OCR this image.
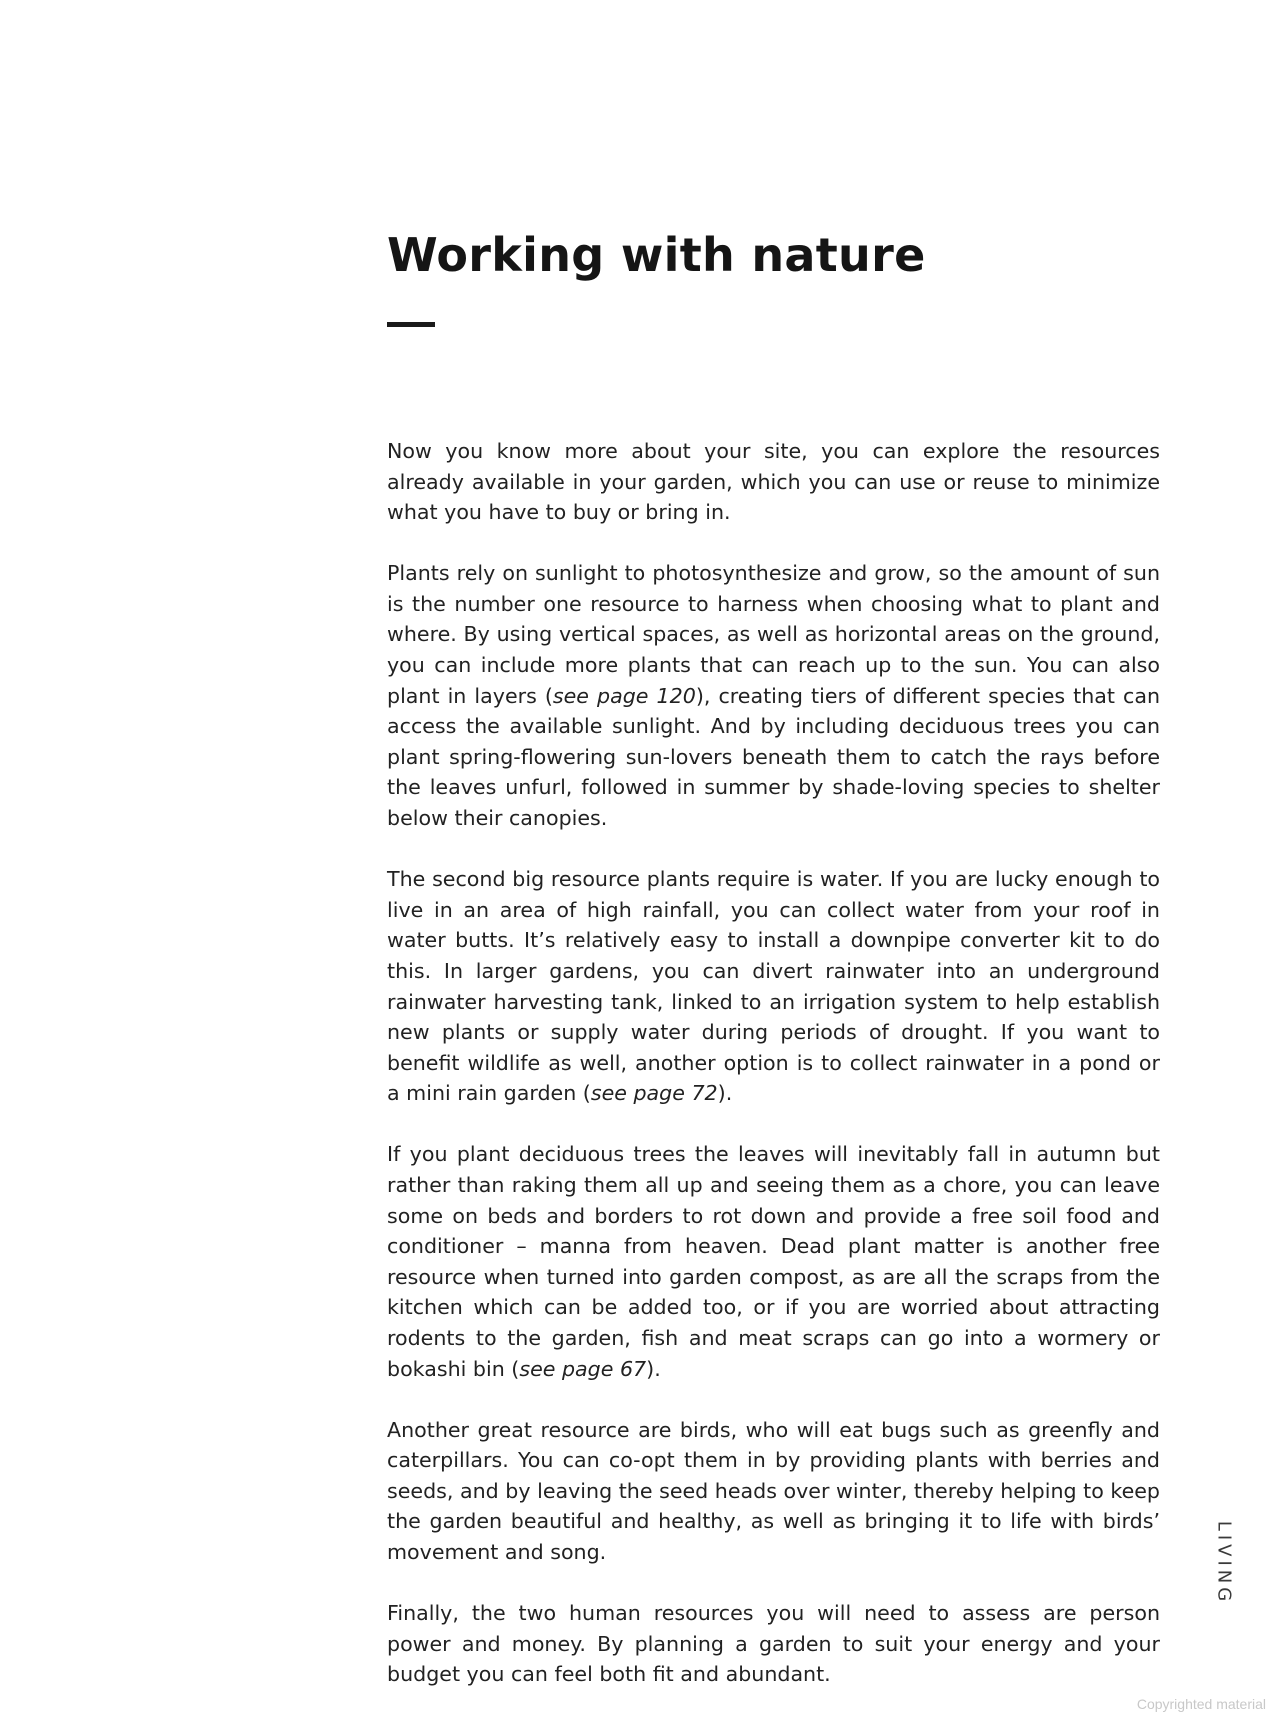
Working with nature

Now you know more about your site, you can explore the resources already available in your garden, which you can use or reuse to minimize what you have to buy or bring in.

Plants rely on sunlight to photosynthesize and grow, so the amount of sun is the number one resource to harness when choosing what to plant and where. By using vertical spaces, as well as horizontal areas on the ground, you can include more plants that can reach up to the sun. You can also plant in layers (see page 120), creating tiers of different species that can access the available sunlight. And by including deciduous trees you can plant spring-flowering sun-lovers beneath them to catch the rays before the leaves unfurl, followed in summer by shade-loving species to shelter below their canopies.

The second big resource plants require is water. If you are lucky enough to live in an area of high rainfall, you can collect water from your roof in water butts. It’s relatively easy to install a downpipe converter kit to do this. In larger gardens, you can divert rainwater into an underground rainwater harvesting tank, linked to an irrigation system to help establish new plants or supply water during periods of drought. If you want to benefit wildlife as well, another option is to collect rainwater in a pond or a mini rain garden (see page 72).

If you plant deciduous trees the leaves will inevitably fall in autumn but rather than raking them all up and seeing them as a chore, you can leave some on beds and borders to rot down and provide a free soil food and conditioner – manna from heaven. Dead plant matter is another free resource when turned into garden compost, as are all the scraps from the kitchen which can be added too, or if you are worried about attracting rodents to the garden, fish and meat scraps can go into a wormery or bokashi bin (see page 67).

Another great resource are birds, who will eat bugs such as greenfly and caterpillars. You can co-opt them in by providing plants with berries and seeds, and by leaving the seed heads over winter, thereby helping to keep the garden beautiful and healthy, as well as bringing it to life with birds’ movement and song.

Finally, the two human resources you will need to assess are person power and money. By planning a garden to suit your energy and your budget you can feel both fit and abundant.

LIVING
Copyrighted material
